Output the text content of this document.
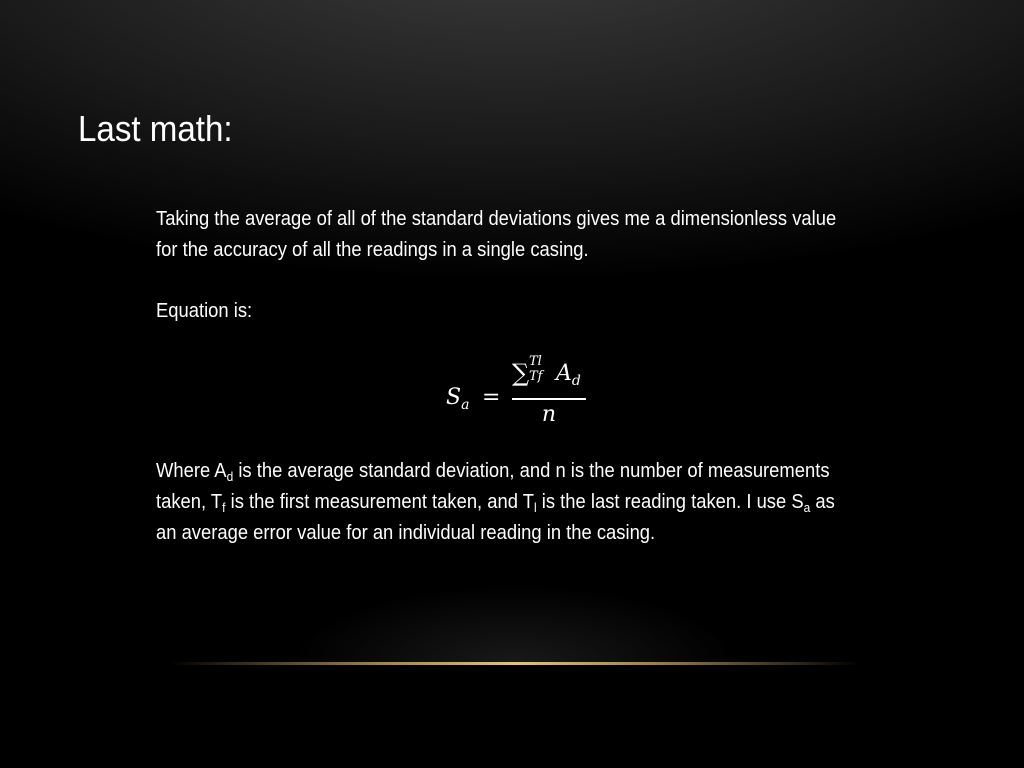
Last math:

Taking the average of all of the standard deviations gives me a dimensionless value for the accuracy of all the readings in a single casing.

Equation is:

$S_a$ =
∑ Tl
Tf $A_d$
n

Where $A_d$ is the average standard deviation, and n is the number of measurements taken, $T_f$ is the first measurement taken, and $T_l$ is the last reading taken. I use $S_a$ as an average error value for an individual reading in the casing.
